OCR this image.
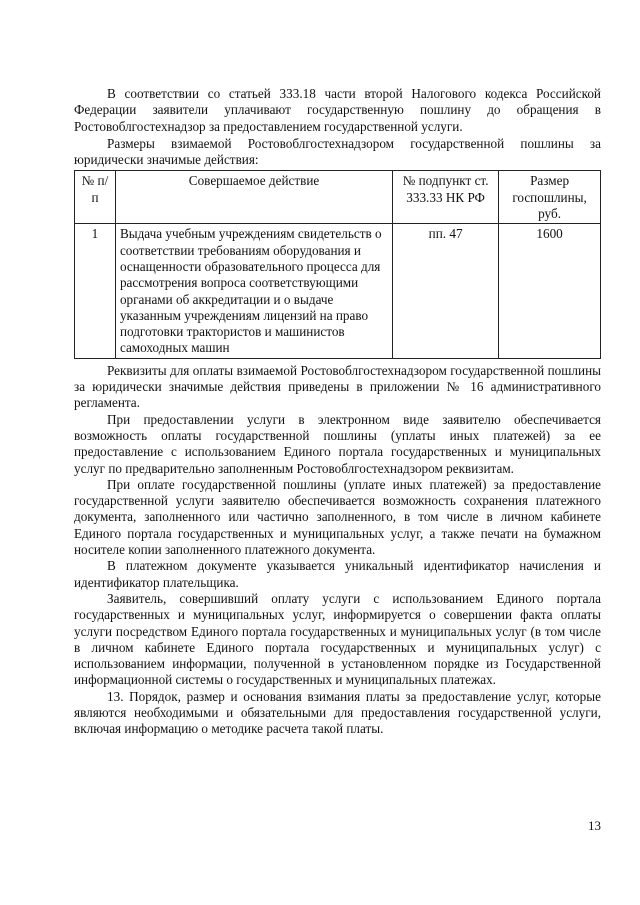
В соответствии со статьей 333.18 части второй Налогового кодекса Российской Федерации заявители уплачивают государственную пошлину до обращения в Ростовоблгостехнадзор за предоставлением государственной услуги.

Размеры взимаемой Ростовоблгостехнадзором государственной пошлины за юридически значимые действия:

№ п/п	Совершаемое действие	№ подпункт ст. 333.33 НК РФ	Размер госпошлины, руб.
1	Выдача учебным учреждениям свидетельств о соответствии требованиям оборудования и оснащенности образовательного процесса для рассмотрения вопроса соответствующими органами об аккредитации и о выдаче указанным учреждениям лицензий на право подготовки трактористов и машинистов самоходных машин	пп. 47	1600

Реквизиты для оплаты взимаемой Ростовоблгостехнадзором государственной пошлины за юридически значимые действия приведены в приложении № 16 административного регламента.

При предоставлении услуги в электронном виде заявителю обеспечивается возможность оплаты государственной пошлины (уплаты иных платежей) за ее предоставление с использованием Единого портала государственных и муниципальных услуг по предварительно заполненным Ростовоблгостехнадзором реквизитам.

При оплате государственной пошлины (уплате иных платежей) за предоставление государственной услуги заявителю обеспечивается возможность сохранения платежного документа, заполненного или частично заполненного, в том числе в личном кабинете Единого портала государственных и муниципальных услуг, а также печати на бумажном носителе копии заполненного платежного документа.

В платежном документе указывается уникальный идентификатор начисления и идентификатор плательщика.

Заявитель, совершивший оплату услуги с использованием Единого портала государственных и муниципальных услуг, информируется о совершении факта оплаты услуги посредством Единого портала государственных и муниципальных услуг (в том числе в личном кабинете Единого портала государственных и муниципальных услуг) с использованием информации, полученной в установленном порядке из Государственной информационной системы о государственных и муниципальных платежах.

13. Порядок, размер и основания взимания платы за предоставление услуг, которые являются необходимыми и обязательными для предоставления государственной услуги, включая информацию о методике расчета такой платы.

13
